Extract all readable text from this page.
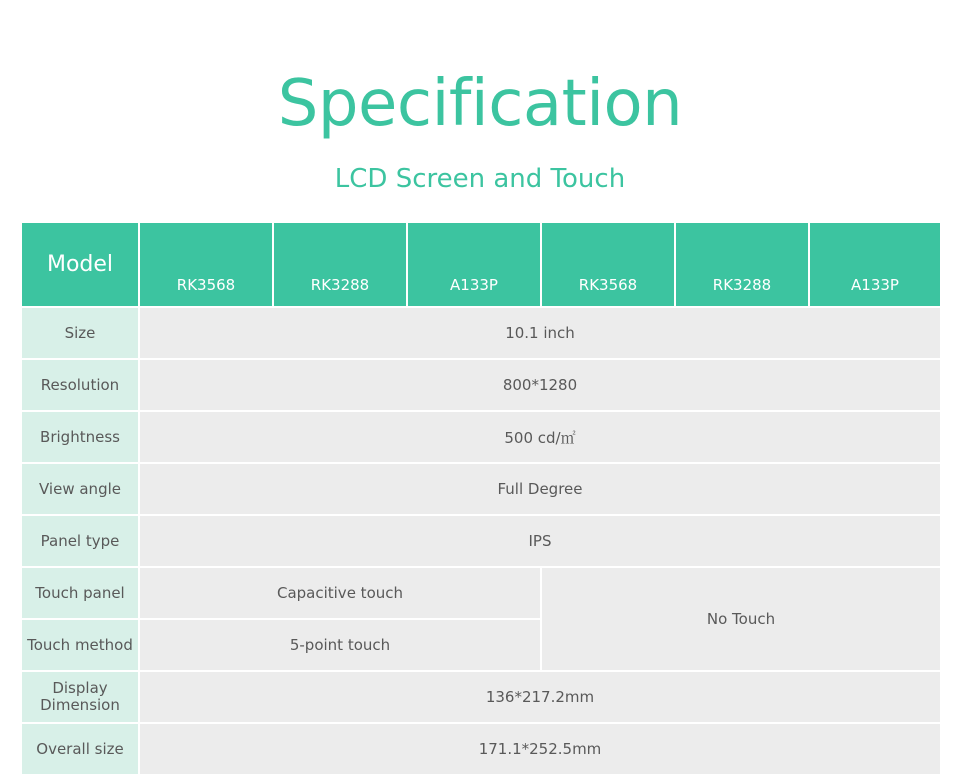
Specification
LCD Screen and Touch
Model	RK3568	RK3288	A133P	RK3568	RK3288	A133P
Size	10.1 inch					
Resolution	800*1280					
Brightness	500 cd/㎡					
View angle	Full Degree					
Panel type	IPS					
Touch panel	Capacitive touch			No Touch		
Touch method	5-point touch					
Display
Dimension	136*217.2mm					
Overall size	171.1*252.5mm					
